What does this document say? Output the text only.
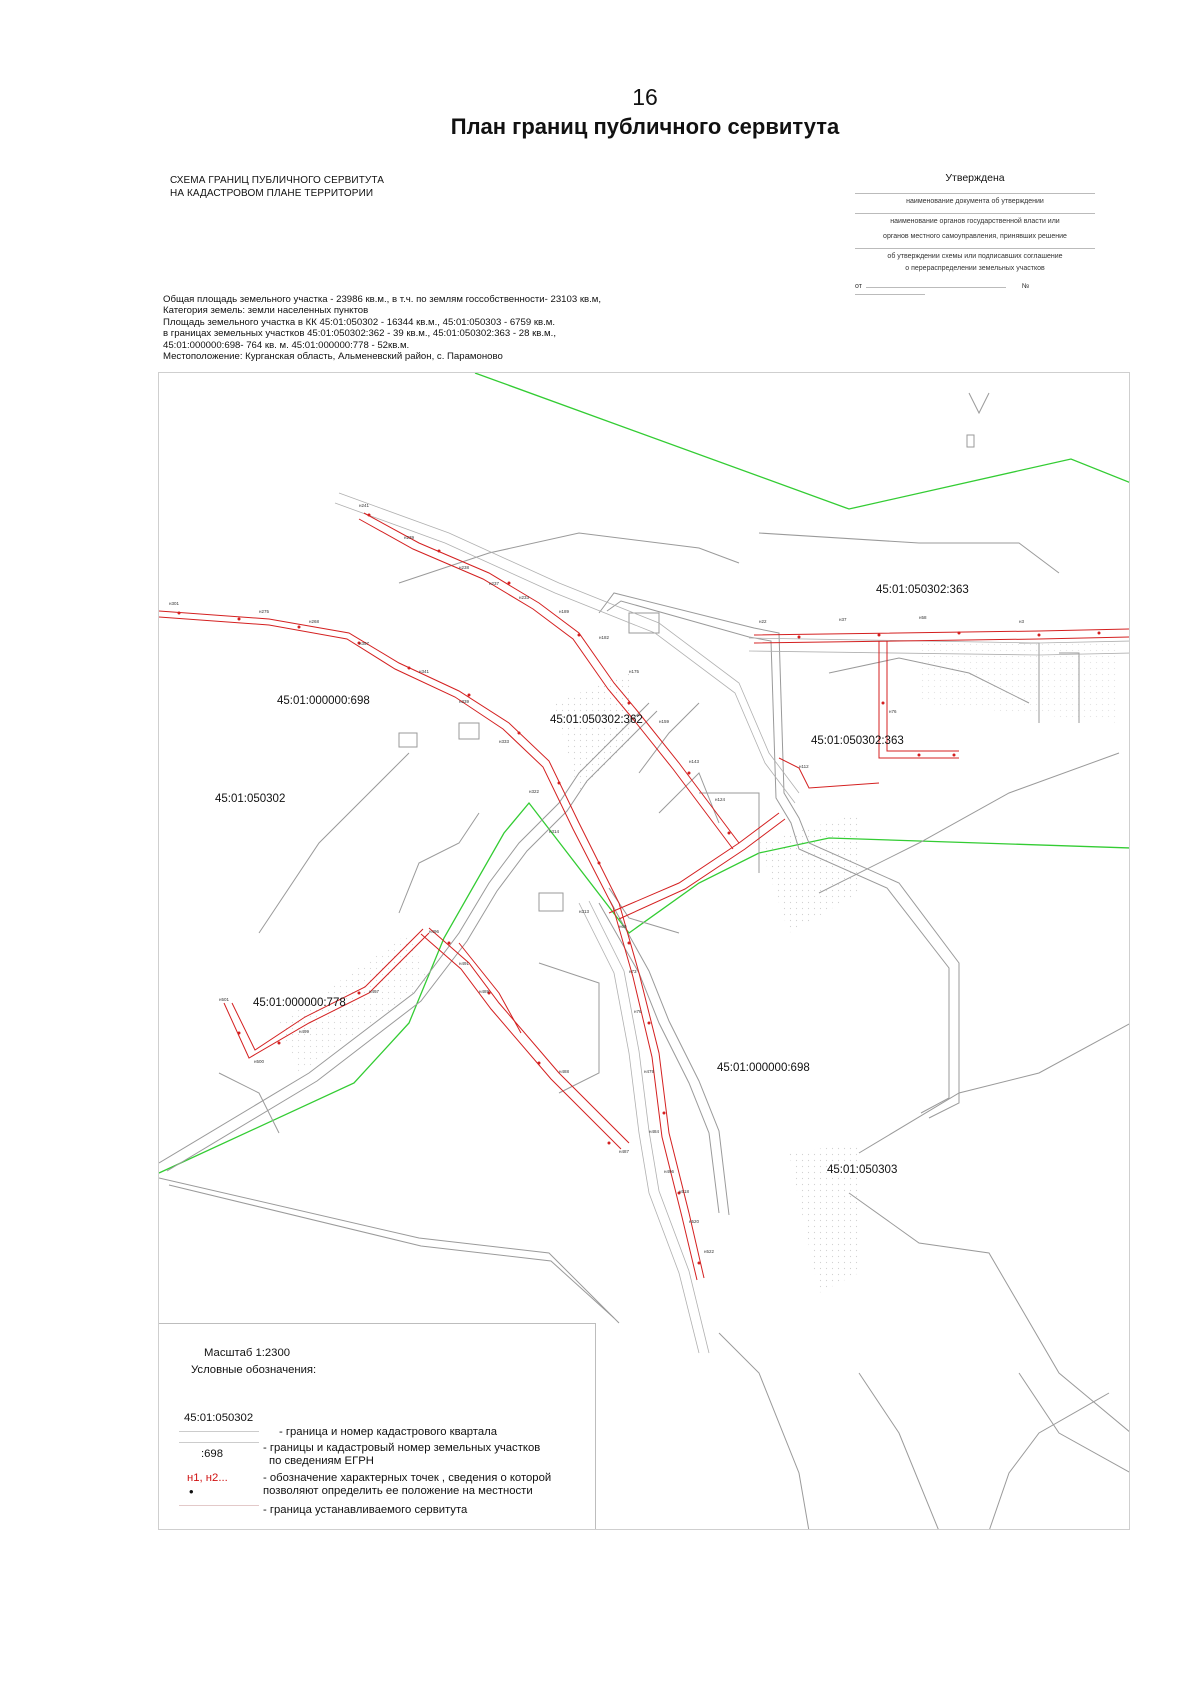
16
План границ публичного сервитута
СХЕМА ГРАНИЦ ПУБЛИЧНОГО СЕРВИТУТА
НА КАДАСТРОВОМ ПЛАНЕ ТЕРРИТОРИИ
Утверждена
наименование документа об утверждении
наименование органов государственной власти или
органов местного самоуправления, принявших решение
об утверждении схемы или подписавших соглашение
о перераспределении земельных участков
от	№
Общая площадь земельного участка - 23986 кв.м., в т.ч. по землям госсобственности- 23103 кв.м,
Категория земель: земли населенных пунктов
Площадь земельного участка в КК 45:01:050302 - 16344 кв.м., 45:01:050303 - 6759 кв.м.
в границах земельных участков 45:01:050302:362 - 39 кв.м., 45:01:050302:363 - 28 кв.м.,
45:01:000000:698- 764 кв. м. 45:01:000000:778 - 52кв.м.
Местоположение: Курганская область, Альменевский район, с. Парамоново
н241
н239
н238
н237
н233
н189
н182
н175
н159
н143
н124
н22	н37	н58
н3
н76
н112
н301
н275
н268
н357
н341
н339
н333
н322
н314
н313
н69
н73
н76
н479
н484
н496
н518
н520
н522
н496
н491
н489
н488
н487
н497
н501
н500
н499
45:01:000000:698
45:01:050302
45:01:050302:362
45:01:050302:363
45:01:050302:363
45:01:000000:778
45:01:000000:698
45:01:050303
Масштаб 1:2300
Условные обозначения:
45:01:050302
- граница и номер кадастрового квартала
:698	- границы и кадастровый номер земельных участков
по сведениям ЕГРН
н1, н2...
•
- обозначение характерных точек , сведения о которой
позволяют определить ее положение на местности
- граница устанавливаемого сервитута
